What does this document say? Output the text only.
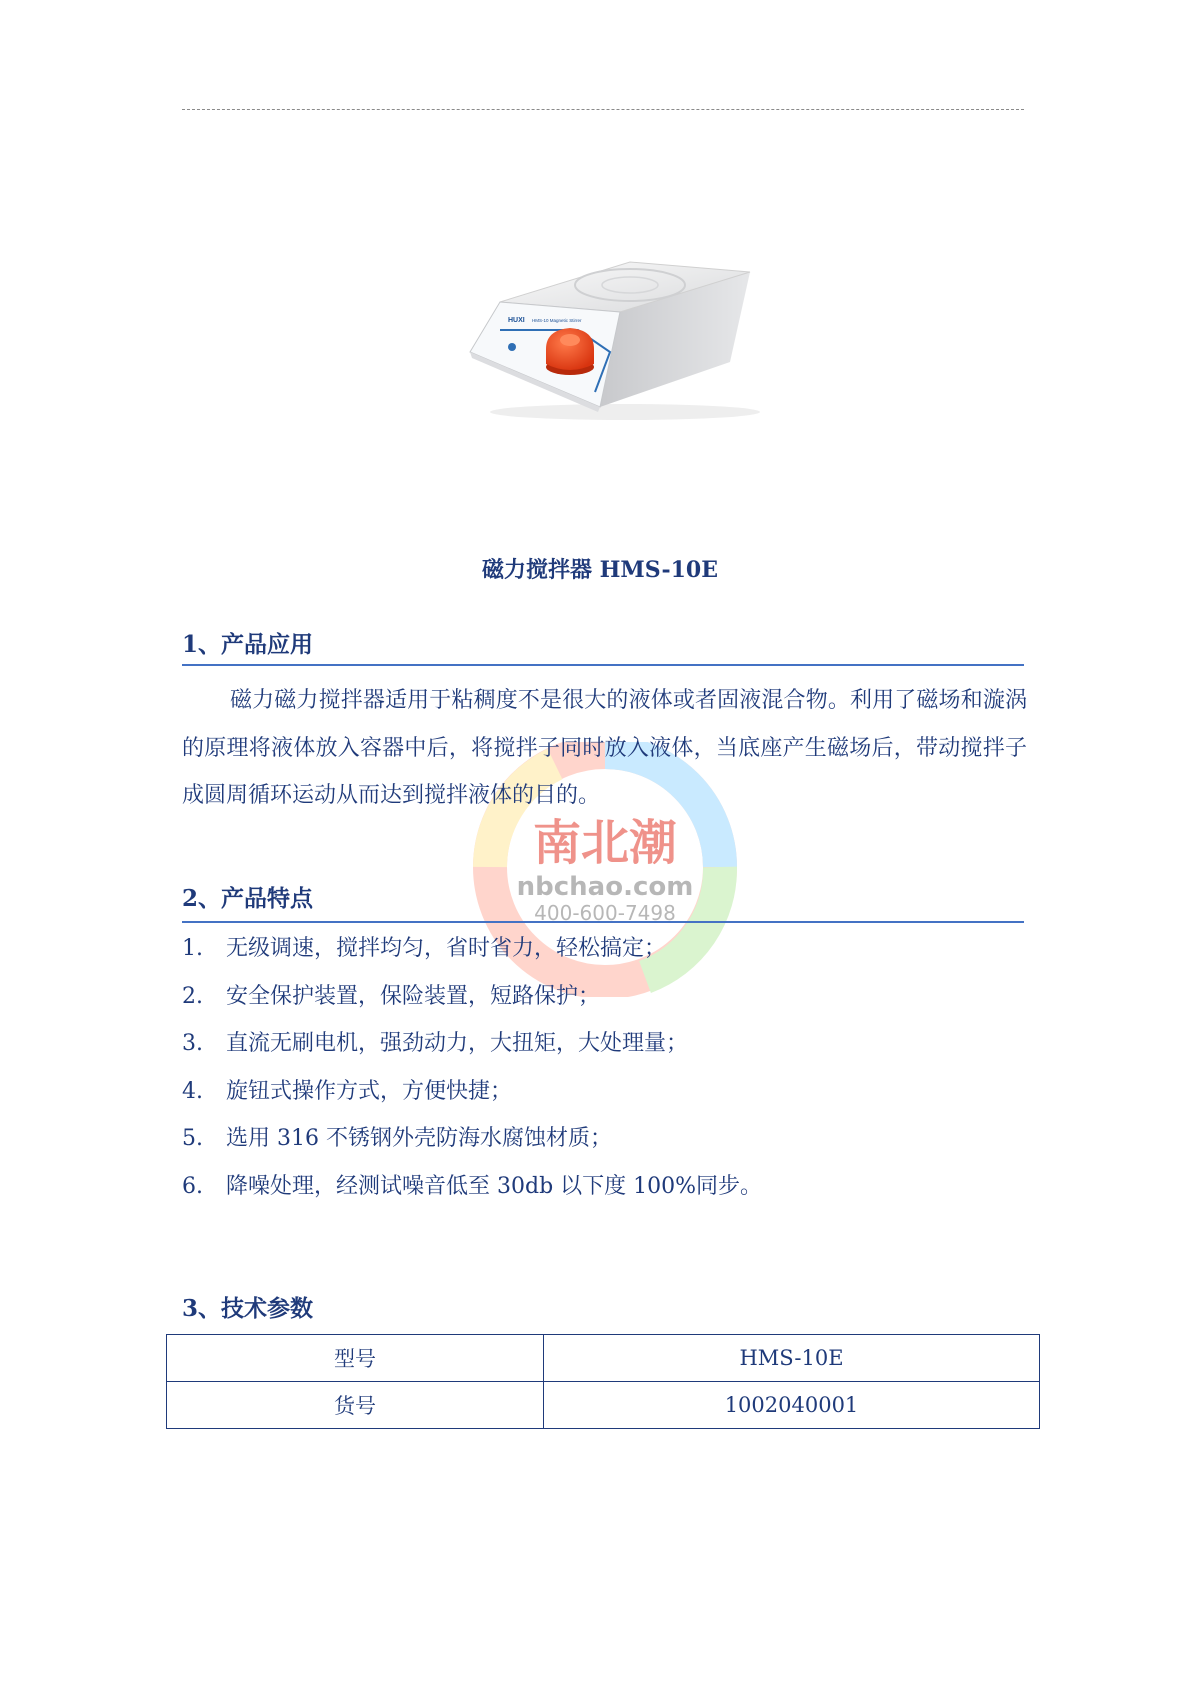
HUXI HMS-10 Magnetic Stirrer
南北潮
nbchao.com
400-600-7498
磁力搅拌器 HMS-10E
1、产品应用

磁力磁力搅拌器适用于粘稠度不是很大的液体或者固液混合物。利用了磁场和漩涡的原理将液体放入容器中后，将搅拌子同时放入液体，当底座产生磁场后，带动搅拌子成圆周循环运动从而达到搅拌液体的目的。

2、产品特点
1. 无级调速，搅拌均匀，省时省力，轻松搞定；
2. 安全保护装置，保险装置，短路保护；
3. 直流无刷电机，强劲动力，大扭矩，大处理量；
4. 旋钮式操作方式，方便快捷；
5. 选用 316 不锈钢外壳防海水腐蚀材质；
6. 降噪处理，经测试噪音低至 30db 以下度 100%同步。
3、技术参数
型号	HMS-10E
货号	1002040001
